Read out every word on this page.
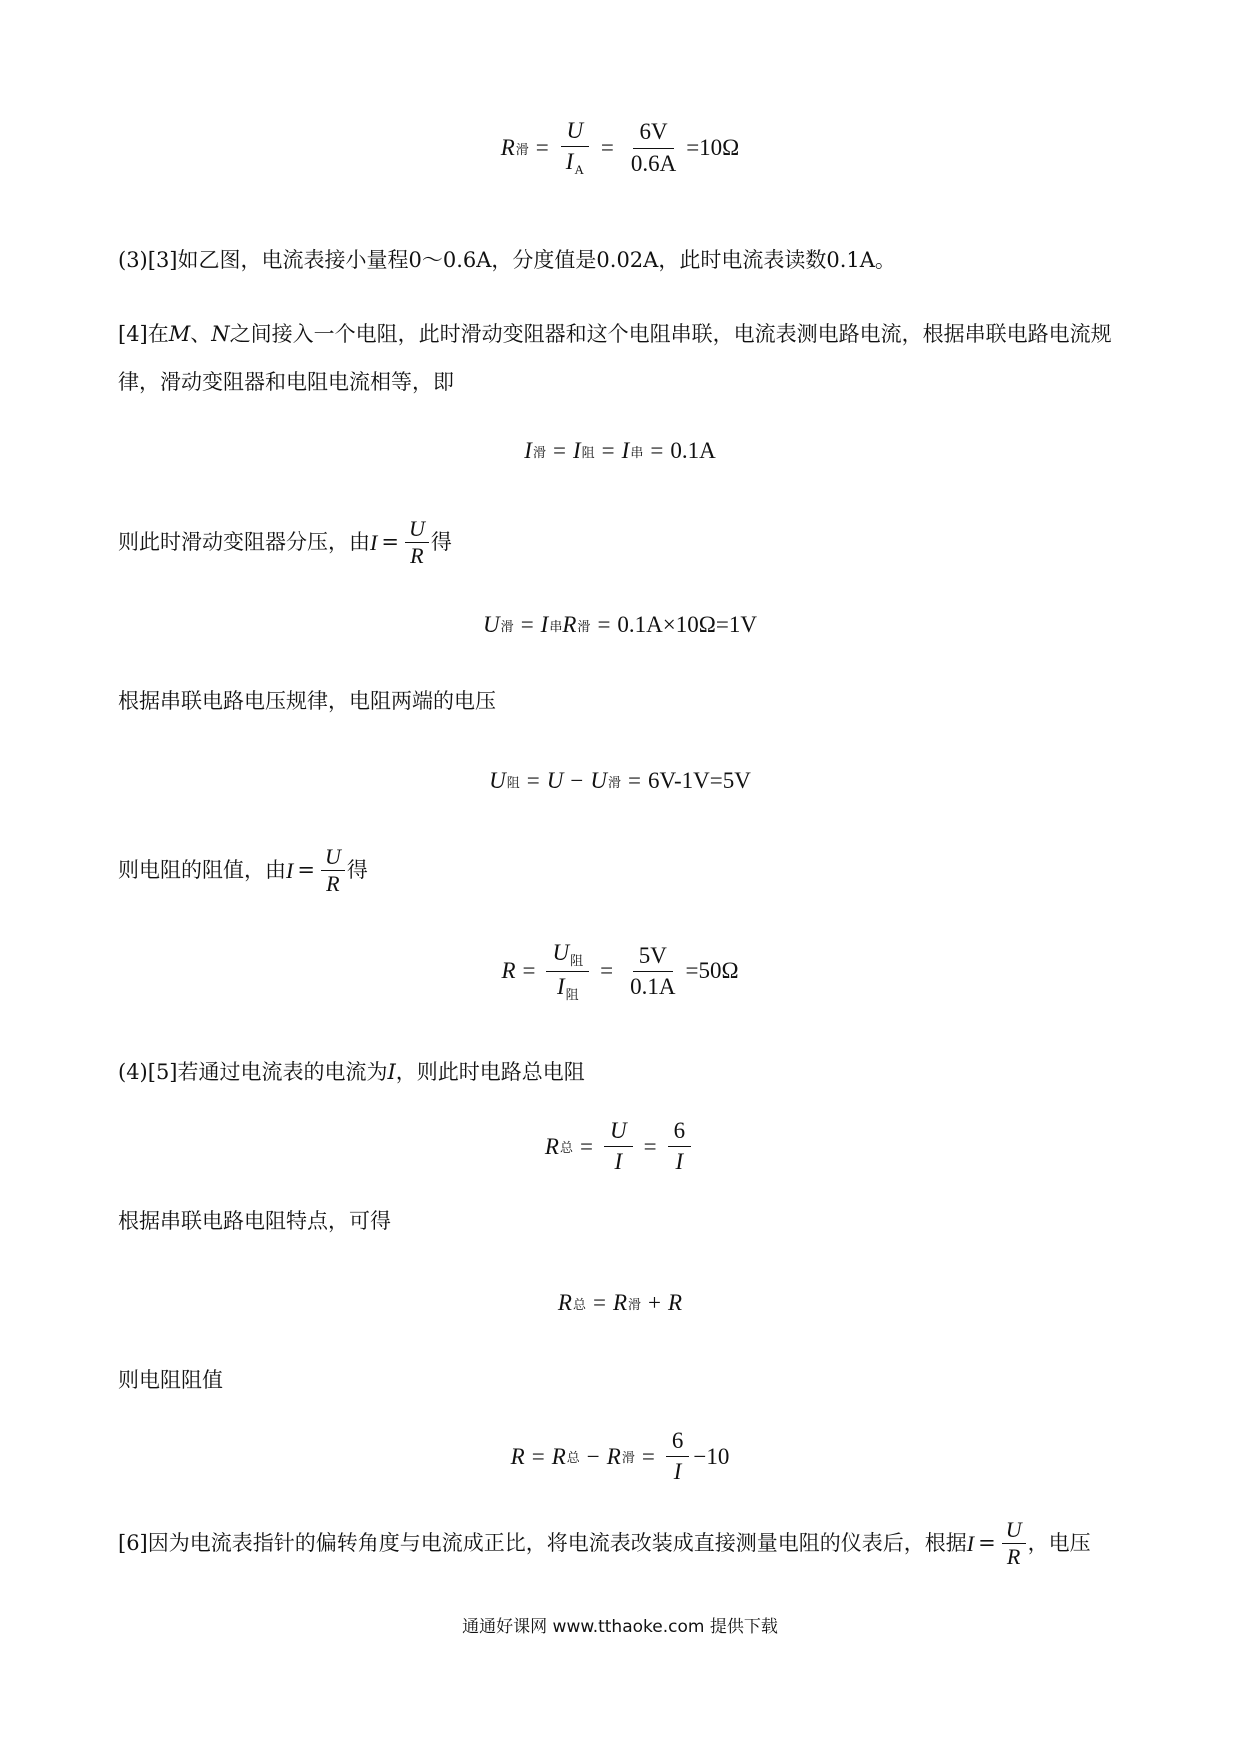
R 滑 = $\frac{U}{I_A} = \frac{6V}{0.6A} =10\Omega$
(3)[3]如乙图，电流表接小量程0～0.6A，分度值是0.02A，此时电流表读数0.1A。
[4]在M、N之间接入一个电阻，此时滑动变阻器和这个电阻串联，电流表测电路电流，根据串联电路电流规律，滑动变阻器和电阻电流相等，即
I 滑 = I 阻 = I 串 = 0.1A
则此时滑动变阻器分压，由 $I = \frac{U}{R}$ 得
U 滑 = I 串 R 滑 = 0.1A×10Ω=1V
根据串联电路电压规律，电阻两端的电压
U 阻 = U − U 滑 = 6V-1V=5V
则电阻的阻值，由 $I = \frac{U}{R}$ 得
$R = \frac{U_阻}{I_阻} = \frac{5V}{0.1A} =50\Omega$
(4)[5]若通过电流表的电流为I，则此时电路总电阻
R 总 = $\frac{U}{I} = \frac{6}{I}$
根据串联电路电阻特点，可得
R 总 = R 滑 + R
则电阻阻值
R = R 总 − R 滑 = $\frac{6}{I} -10$
[6]因为电流表指针的偏转角度与电流成正比，将电流表改装成直接测量电阻的仪表后，根据 $I = \frac{U}{R}$ ，电压
通通好课网 www.tthaoke.com 提供下载
